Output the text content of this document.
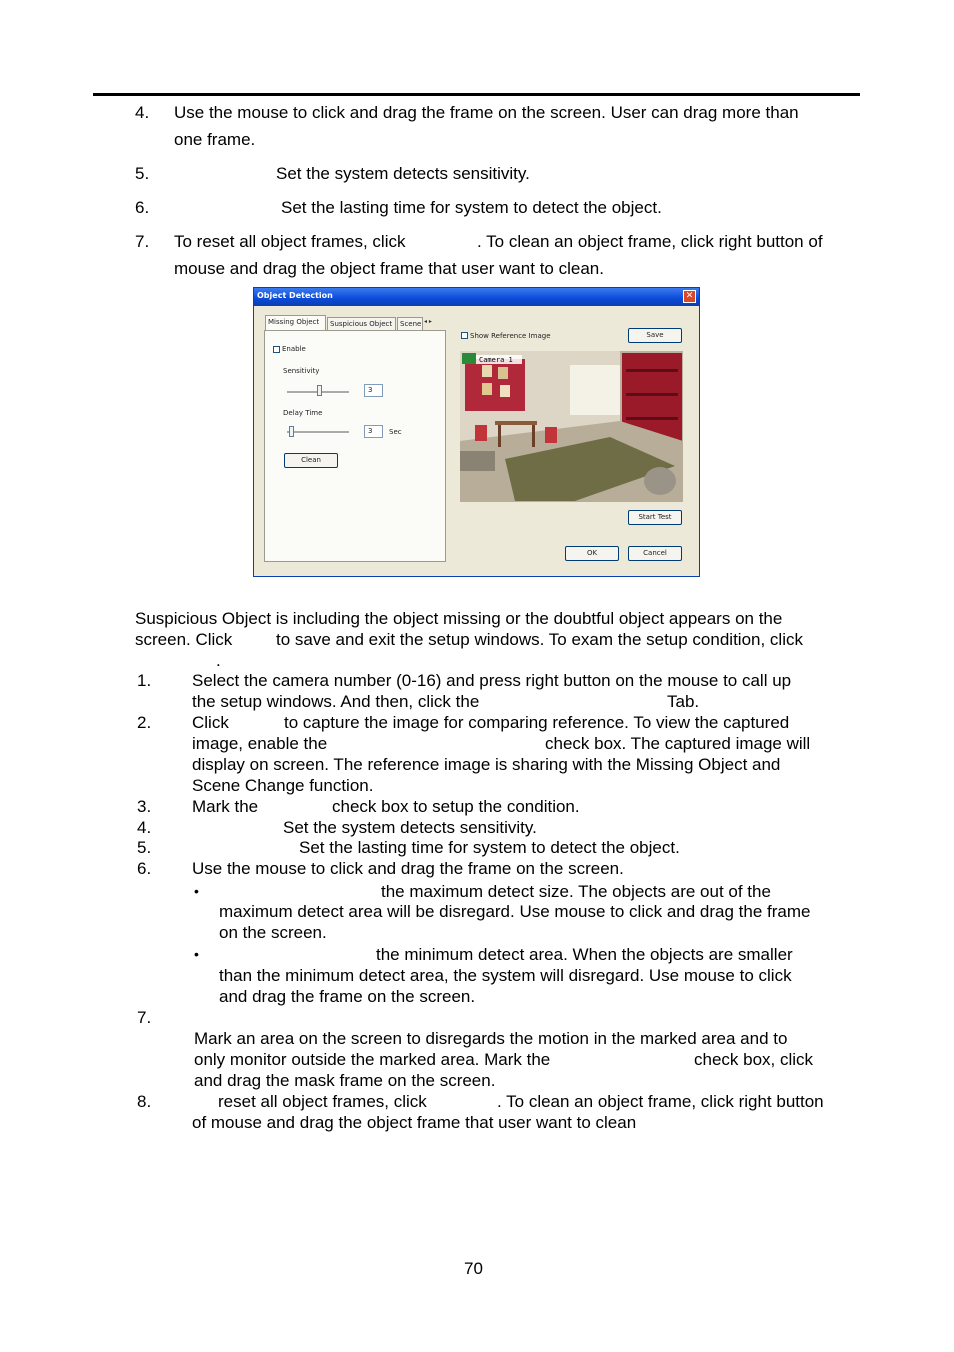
4. Use the mouse to click and drag the frame on the screen. User can drag more than
one frame.
5.	Set the system detects sensitivity.
6.	Set the lasting time for system to detect the object.
7. To reset all object frames, click	. To clean an object frame, click right button of
mouse and drag the object frame that user want to clean.
Object Detection	✕
Missing Object	Suspicious Object	Scene ◂ ▸
Enable
Sensitivity
3
Delay Time
3	Sec
Clean
Show Reference Image	Save
Camera 1
Start Test
OK	Cancel
Suspicious Object is including the object missing or the doubtful object appears on the
screen. Click	to save and exit the setup windows. To exam the setup condition, click
.
1. Select the camera number (0-16) and press right button on the mouse to call up
the setup windows. And then, click the	Tab.
2. Click	to capture the image for comparing reference. To view the captured
image, enable the	check box. The captured image will
display on screen. The reference image is sharing with the Missing Object and
Scene Change function.
3. Mark the	check box to setup the condition.
4.	Set the system detects sensitivity.
5.	Set the lasting time for system to detect the object.
6. Use the mouse to click and drag the frame on the screen.
•	the maximum detect size. The objects are out of the
maximum detect area will be disregard. Use mouse to click and drag the frame
on the screen.
•	the minimum detect area. When the objects are smaller
than the minimum detect area, the system will disregard. Use mouse to click
and drag the frame on the screen.
7.
Mark an area on the screen to disregards the motion in the marked area and to
only monitor outside the marked area. Mark the	check box, click
and drag the mask frame on the screen.
8.	reset all object frames, click	. To clean an object frame, click right button
of mouse and drag the object frame that user want to clean
70
